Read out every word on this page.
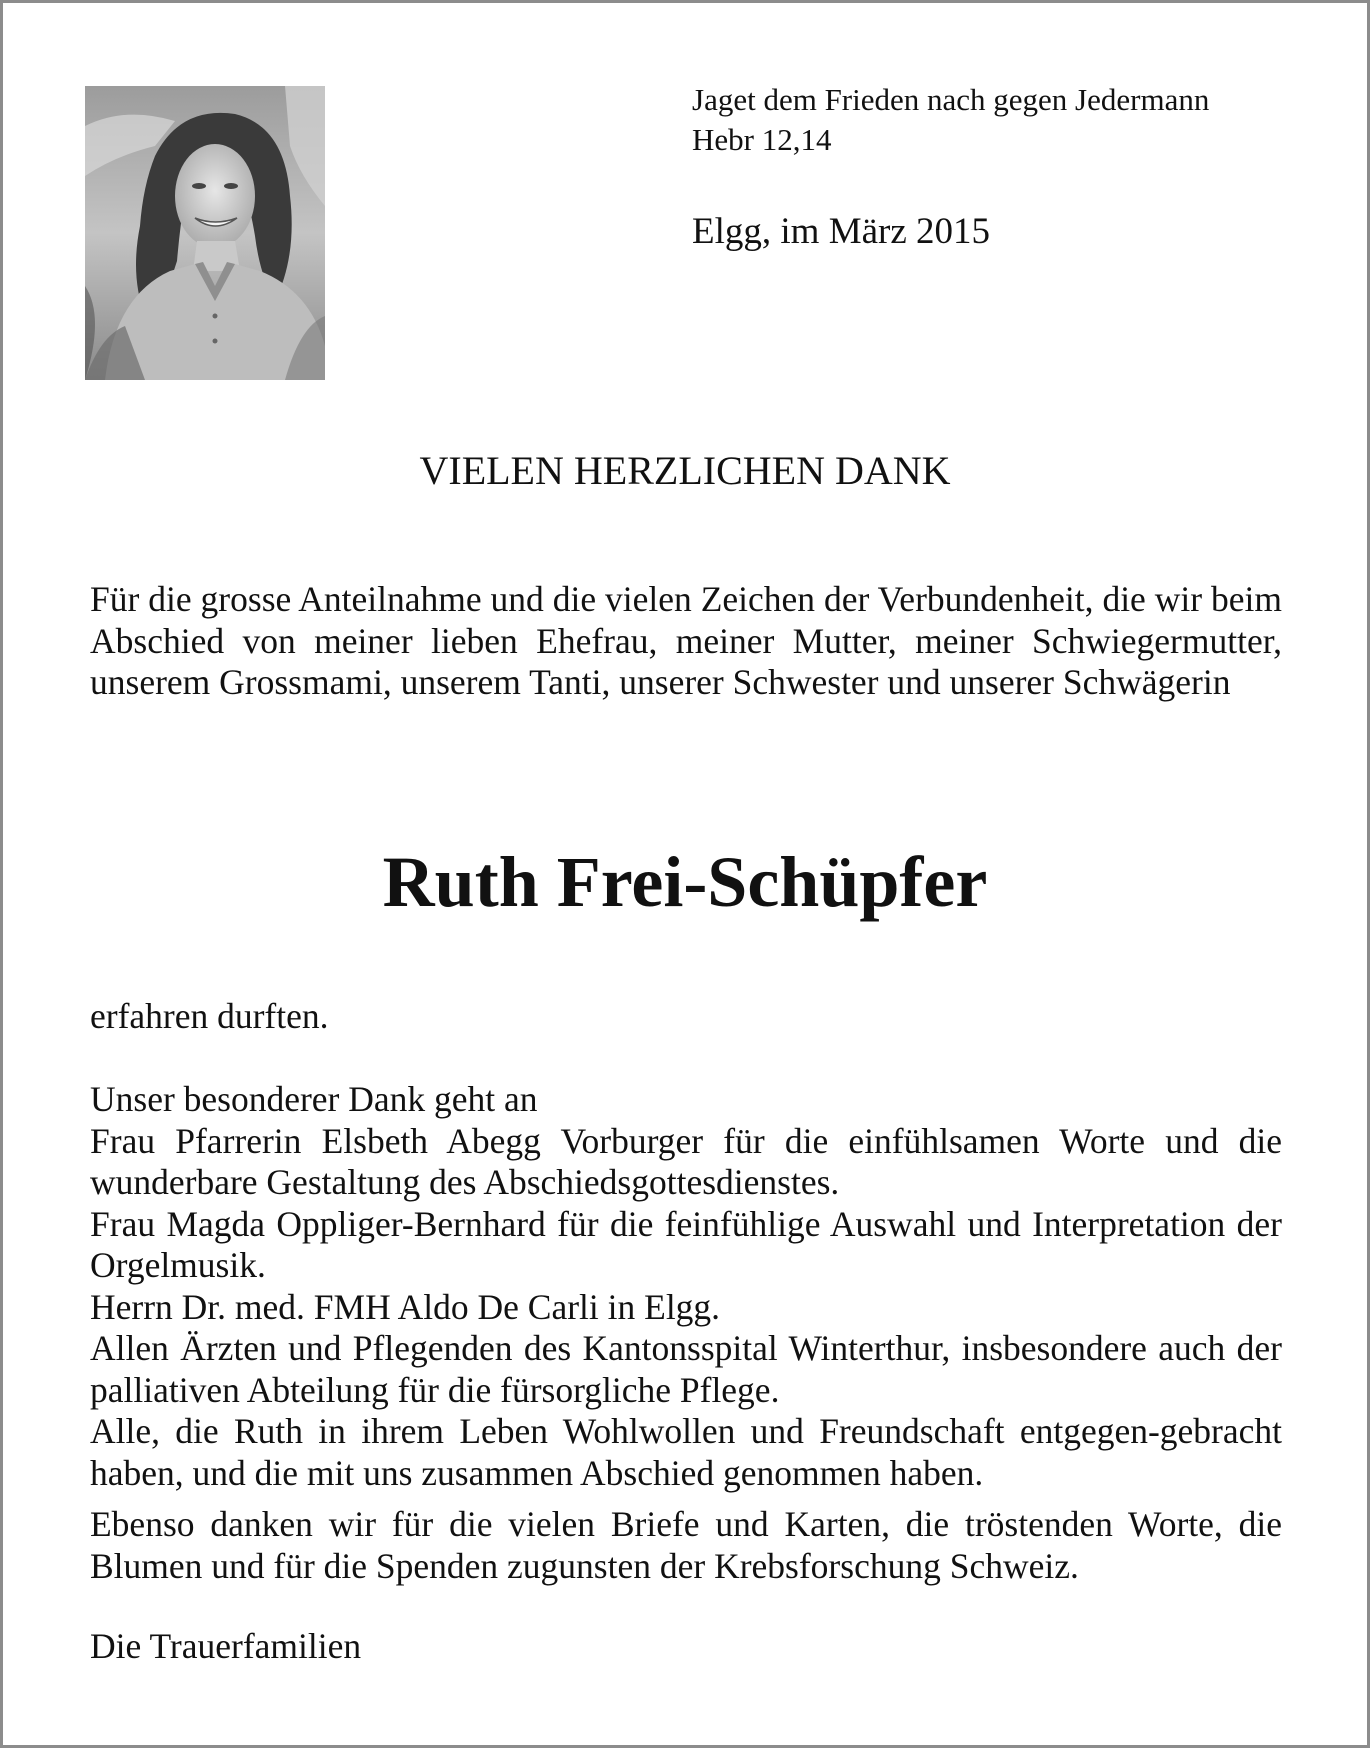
Jaget dem Frieden nach gegen Jedermann
Hebr 12,14
Elgg, im März 2015
VIELEN HERZLICHEN DANK
Für die grosse Anteilnahme und die vielen Zeichen der Verbundenheit, die wir beim Abschied von meiner lieben Ehefrau, meiner Mutter, meiner Schwiegermutter, unserem Grossmami, unserem Tanti, unserer Schwester und unserer Schwägerin
Ruth Frei-Schüpfer
erfahren durften.
Unser besonderer Dank geht an
Frau Pfarrerin Elsbeth Abegg Vorburger für die einfühlsamen Worte und die wunderbare Gestaltung des Abschiedsgottesdienstes.
Frau Magda Oppliger-Bernhard für die feinfühlige Auswahl und Interpretation der Orgelmusik.
Herrn Dr. med. FMH Aldo De Carli in Elgg.
Allen Ärzten und Pflegenden des Kantonsspital Winterthur, insbesondere auch der palliativen Abteilung für die fürsorgliche Pflege.
Alle, die Ruth in ihrem Leben Wohlwollen und Freundschaft entgegen-gebracht haben, und die mit uns zusammen Abschied genommen haben.
Ebenso danken wir für die vielen Briefe und Karten, die tröstenden Worte, die Blumen und für die Spenden zugunsten der Krebsforschung Schweiz.
Die Trauerfamilien
